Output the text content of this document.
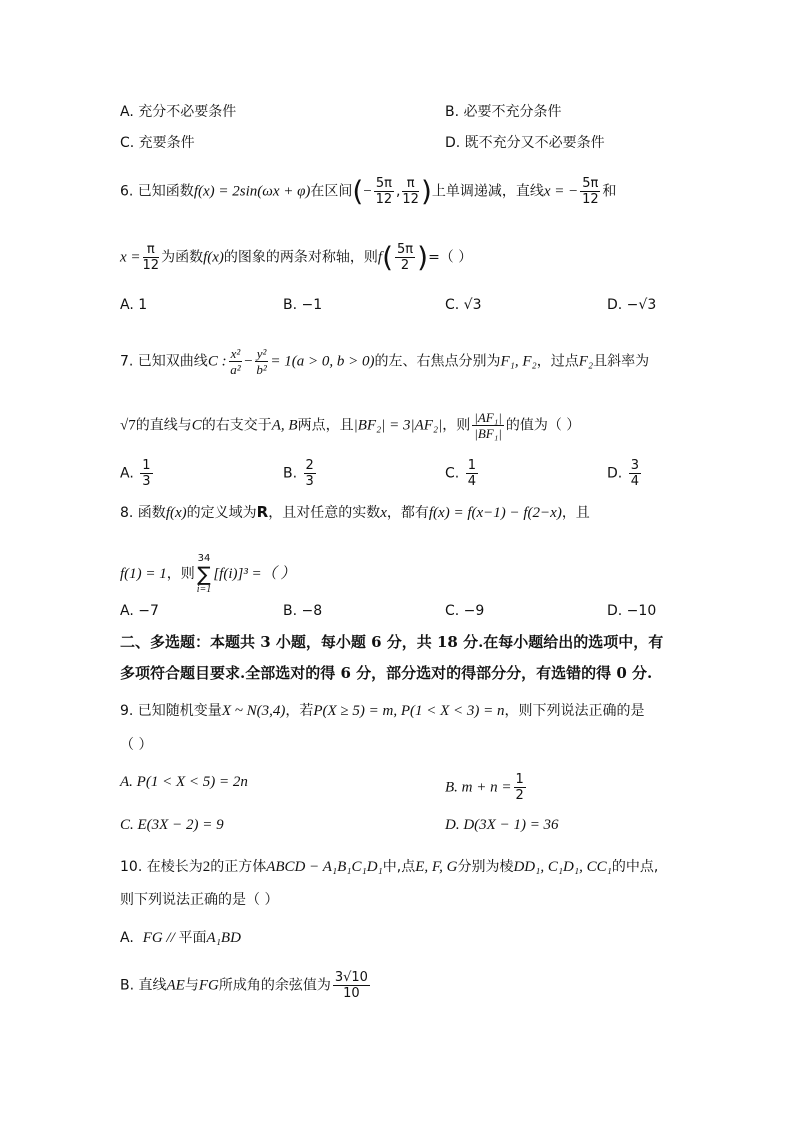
A. 充分不必要条件	B. 必要不充分条件
C. 充要条件	D. 既不充分又不必要条件
6. 已知函数f(x) = 2sin(ωx + φ)在区间(− $\frac{5\pi}{12}$ , $\frac{\pi}{12}$ )上单调递减，直线x = − $\frac{5\pi}{12}$ 和
$x = \frac{\pi}{12}$ 为函数f(x)的图象的两条对称轴，则$f( \frac{5\pi}{2}$ )=（ ）
A. 1	B. −1	C. √3	D. −√3
7. 已知双曲线C : $\frac{\text{x²}}{\text{a²}} - \frac{\text{y²}}{\text{b²}} = 1(a > 0$, b > 0)的左、右焦点分别为F₁, F₂，过点F₂且斜率为
√7的直线与C的右支交于A, B两点，且|BF₂| = 3|AF₂|，则 $\frac{\text{|AF₁|}}{\text{|BF₁|}}$ 的值为（ ）
A. $\frac{1}{3}$	B. $\frac{2}{3}$	C. $\frac{1}{4}$	D. $\frac{3}{4}$
8. 函数f(x)的定义域为R，且对任意的实数x，都有f(x) = f(x−1) − f(2−x)，且
f(1) = 1，则
34
∑
i=1
[f(i)]³ =（ ）
A. −7	B. −8	C. −9	D. −10
二、多选题：本题共 3 小题，每小题 6 分，共 18 分.在每小题给出的选项中，有
多项符合题目要求.全部选对的得 6 分，部分选对的得部分分，有选错的得 0 分.
9. 已知随机变量X ~ N(3,4)，若P(X ≥ 5) = m, P(1 < X < 3) = n，则下列说法正确的是
（ ）
A. P(1 < X < 5) = 2n	B. $m + n = \frac{1}{2}$
C. E(3X − 2) = 9	D. D(3X − 1) = 36
10. 在棱长为2的正方体ABCD − A₁B₁C₁D₁中,点E, F, G分别为棱DD₁, C₁D₁, CC₁的中点,
则下列说法正确的是（ ）
A. FG // 平面A₁BD
B. 直线AE与FG所成角的余弦值为 $\frac{3√10}{10}$
